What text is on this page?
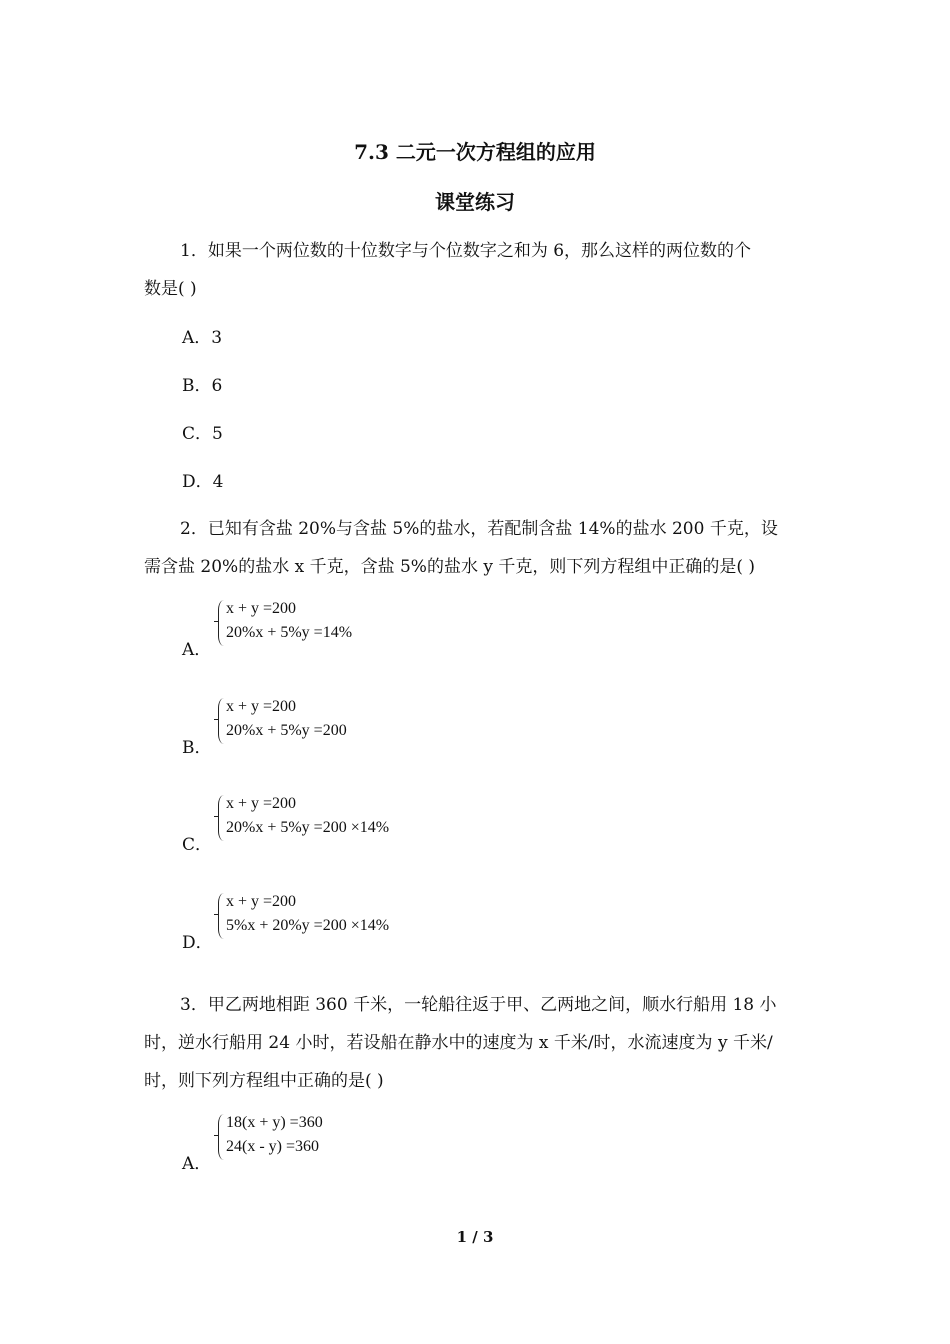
7.3 二元一次方程组的应用
课堂练习
1．如果一个两位数的十位数字与个位数字之和为 6，那么这样的两位数的个
数是( )
A．3
B．6
C．5
D．4
2．已知有含盐 20%与含盐 5%的盐水，若配制含盐 14%的盐水 200 千克，设
需含盐 20%的盐水 x 千克，含盐 5%的盐水 y 千克，则下列方程组中正确的是( )
A．
x + y =200
20%x + 5%y =14%
B．
x + y =200
20%x + 5%y =200
C．
x + y =200
20%x + 5%y =200 ×14%
D．
x + y =200
5%x + 20%y =200 ×14%
3．甲乙两地相距 360 千米，一轮船往返于甲、乙两地之间，顺水行船用 18 小
时，逆水行船用 24 小时，若设船在静水中的速度为 x 千米/时，水流速度为 y 千米/
时，则下列方程组中正确的是( )
A．
18(x + y) =360
24(x - y) =360
1 / 3
